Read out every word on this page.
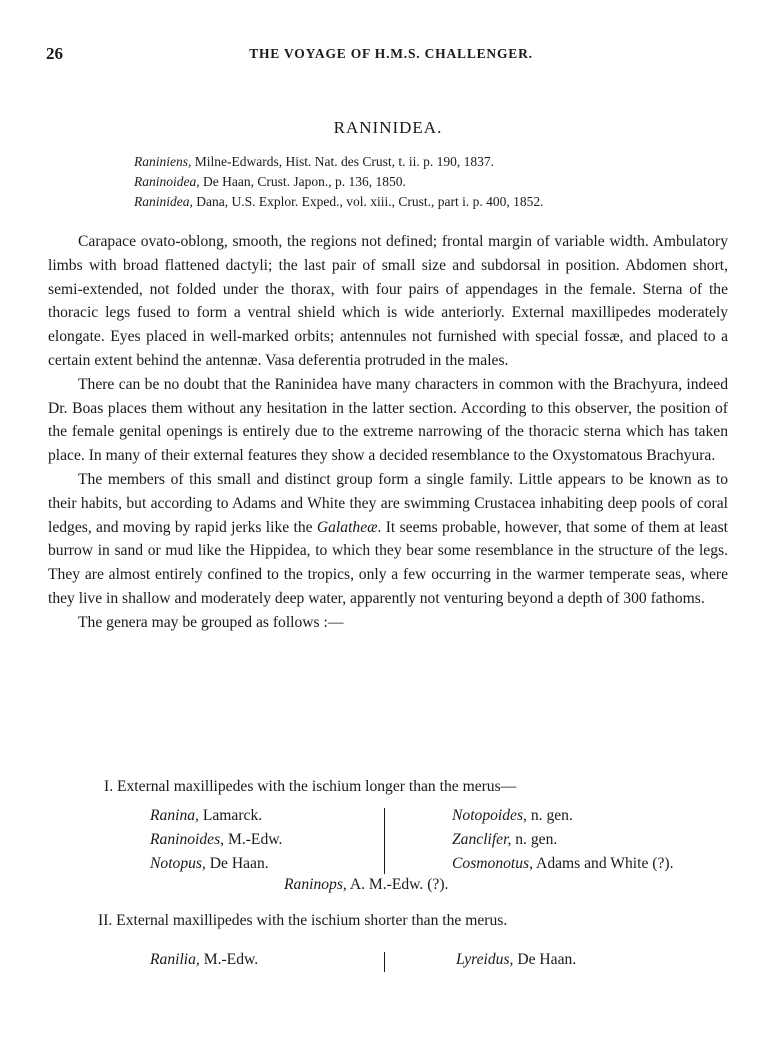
26	THE VOYAGE OF H.M.S. CHALLENGER.
RANINIDEA.
Raniniens, Milne-Edwards, Hist. Nat. des Crust, t. ii. p. 190, 1837.
Raninoidea, De Haan, Crust. Japon., p. 136, 1850.
Raninidea, Dana, U.S. Explor. Exped., vol. xiii., Crust., part i. p. 400, 1852.

Carapace ovato-oblong, smooth, the regions not defined; frontal margin of variable width. Ambulatory limbs with broad flattened dactyli; the last pair of small size and subdorsal in position. Abdomen short, semi-extended, not folded under the thorax, with four pairs of appendages in the female. Sterna of the thoracic legs fused to form a ventral shield which is wide anteriorly. External maxillipedes moderately elongate. Eyes placed in well-marked orbits; antennules not furnished with special fossæ, and placed to a certain extent behind the antennæ. Vasa deferentia protruded in the males.

There can be no doubt that the Raninidea have many characters in common with the Brachyura, indeed Dr. Boas places them without any hesitation in the latter section. According to this observer, the position of the female genital openings is entirely due to the extreme narrowing of the thoracic sterna which has taken place. In many of their external features they show a decided resemblance to the Oxystomatous Brachyura.

The members of this small and distinct group form a single family. Little appears to be known as to their habits, but according to Adams and White they are swimming Crustacea inhabiting deep pools of coral ledges, and moving by rapid jerks like the Galatheæ. It seems probable, however, that some of them at least burrow in sand or mud like the Hippidea, to which they bear some resemblance in the structure of the legs. They are almost entirely confined to the tropics, only a few occurring in the warmer temperate seas, where they live in shallow and moderately deep water, apparently not venturing beyond a depth of 300 fathoms.

The genera may be grouped as follows :—

I. External maxillipedes with the ischium longer than the merus—
Ranina, Lamarck.
Raninoides, M.-Edw.
Notopus, De Haan.
Notopoides, n. gen.
Zanclifer, n. gen.
Cosmonotus, Adams and White (?).
Raninops, A. M.-Edw. (?).
II. External maxillipedes with the ischium shorter than the merus.
Ranilia, M.-Edw.	Lyreidus, De Haan.
